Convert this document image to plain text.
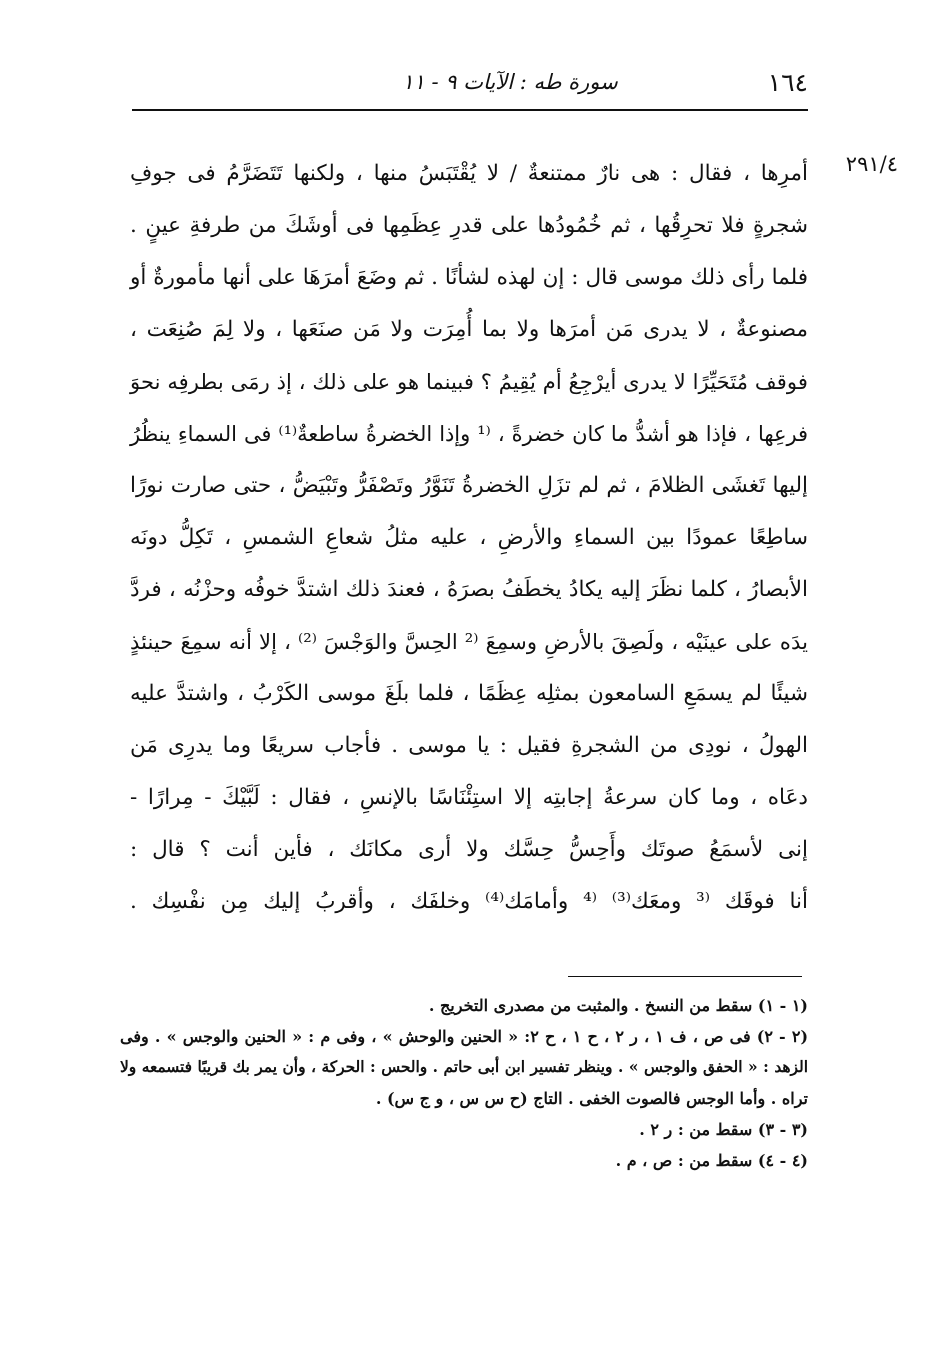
١٦٤
سورة طه : الآيات ٩ - ١١
٢٩١/٤
أمرِها ، فقال : هى نارٌ ممتنعةٌ / لا يُقْتَبَسُ منها ، ولكنها تَتَضَرَّمُ فى جوفِ
شجرةٍ فلا تحرِقُها ، ثم خُمُودُها على قدرِ عِظَمِها فى أوشَكَ من طرفةِ عينٍ .
فلما رأى ذلك موسى قال : إن لهذه لشأنًا . ثم وضَعَ أمرَهَا على أنها مأمورةٌ أو
مصنوعةٌ ، لا يدرى مَن أمرَها ولا بما أُمِرَت ولا مَن صنَعَها ، ولا لِمَ صُنِعَت ،
فوقف مُتَحَيِّرًا لا يدرى أيرْجِعُ أم يُقِيمُ ؟ فبينما هو على ذلك ، إذ رمَى بطرفِه نحوَ
فرعِها ، فإذا هو أشدُّ ما كان خضرةً ، ⁽¹ وإذا الخضرةُ ساطعةٌ⁽¹⁾ فى السماءِ ينظُرُ
إليها تَغشَى الظلامَ ، ثم لم تزَلِ الخضرةُ تَنَوَّرُ وتَصْفَرُّ وتَبْيَضُّ ، حتى صارت نورًا
ساطِعًا عمودًا بين السماءِ والأرضِ ، عليه مثلُ شعاعِ الشمسِ ، تَكِلُّ دونَه
الأبصارُ ، كلما نظَرَ إليه يكادُ يخطَفُ بصرَهُ ، فعندَ ذلك اشتدَّ خوفُه وحزْنُه ، فردَّ
يدَه على عينَيْه ، ولَصِقَ بالأرضِ وسمِعَ ⁽² الحِسَّ والوَجْسَ ⁽²⁾ ، إلا أنه سمِعَ حينئذٍ
شيئًا لم يسمَعِ السامعون بمثلِه عِظَمًا ، فلما بلَغَ موسى الكَرْبُ ، واشتدَّ عليه
الهولُ ، نودِى من الشجرةِ فقيل : يا موسى . فأجاب سريعًا وما يدرِى مَن
دعَاه ، وما كان سرعةُ إجابتِه إلا استِئْنَاسًا بالإنسِ ، فقال : لَبَّيْكَ - مِرارًا -
إنى لأسمَعُ صوتَك وأَحِسُّ حِسَّك ولا أرى مكانَك ، فأين أنت ؟ قال :
أنا فوقَك ⁽³ ومعَك⁽³⁾ ⁽⁴ وأمامَك⁽⁴⁾ وخلفَك ، وأقربُ إليك مِن نفْسِك .
(١ - ١) سقط من النسخ . والمثبت من مصدرى التخريج .
(٢ - ٢) فى ص ، ف ١ ، ر ٢ ، ح ١ ، ح ٢: « الحنين والوحش » ، وفى م : « الحنين والوجس » . وفى
الزهد : « الحفق والوجس » . وينظر تفسير ابن أبى حاتم . والحس : الحركة ، وأن يمر بك قريبًا فتسمعه ولا
تراه . وأما الوجس فالصوت الخفى . التاج (ح س س ، و ج س) .
(٣ - ٣) سقط من : ر ٢ .
(٤ - ٤) سقط من : ص ، م .
